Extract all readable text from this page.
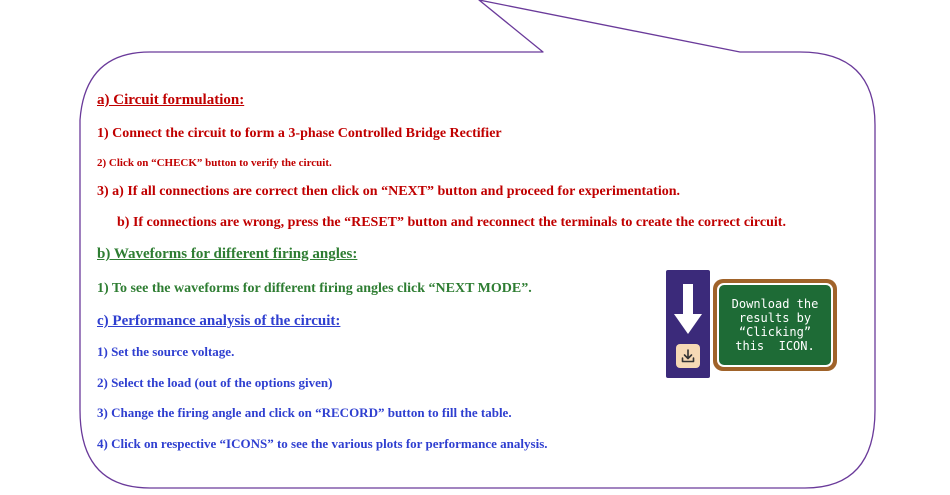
a) Circuit formulation:

1) Connect the circuit to form a 3-phase Controlled Bridge Rectifier

2) Click on “CHECK” button to verify the circuit.

3) a) If all connections are correct then click on “NEXT” button and proceed for experimentation.

b) If connections are wrong, press the “RESET” button and reconnect the terminals to create the correct circuit.

b) Waveforms for different firing angles:

1) To see the waveforms for different firing angles click “NEXT MODE”.

c) Performance analysis of the circuit:

1) Set the source voltage.

2) Select the load (out of the options given)

3) Change the firing angle and click on “RECORD” button to fill the table.

4) Click on respective “ICONS” to see the various plots for performance analysis.

Download the
results by
“Clicking”
this  ICON.
